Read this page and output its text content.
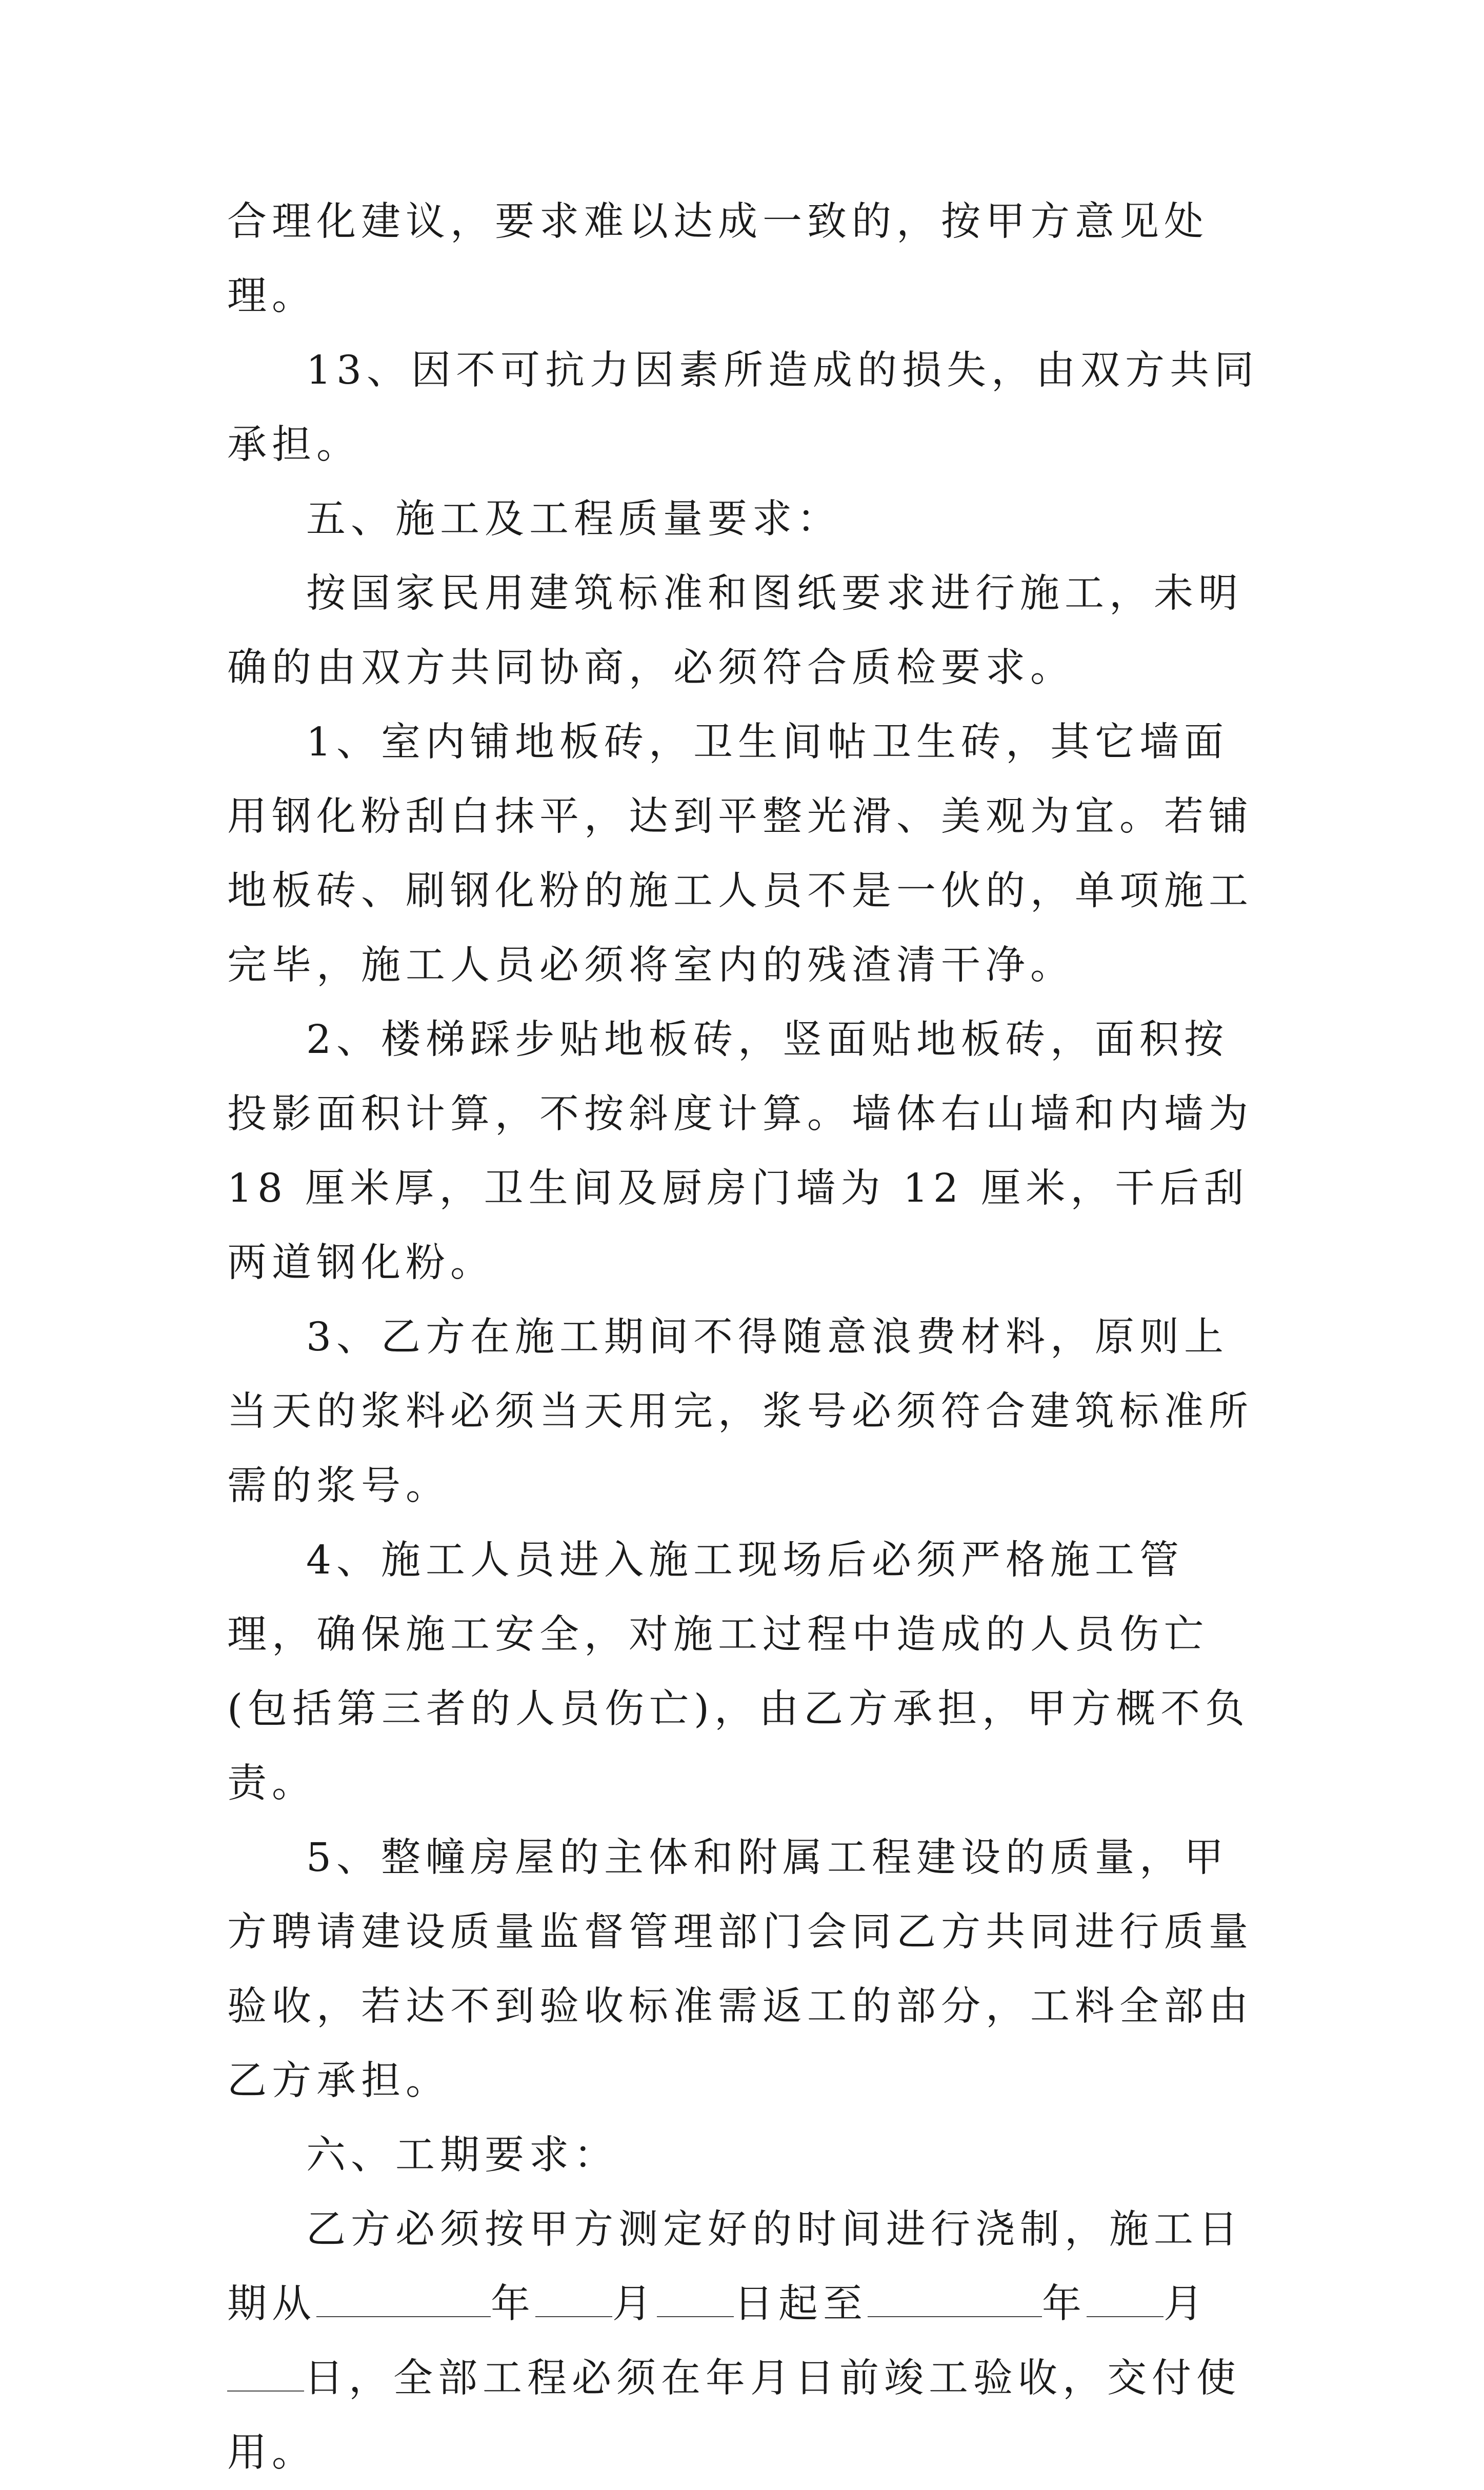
合理化建议，要求难以达成一致的，按甲方意见处理。

13、因不可抗力因素所造成的损失，由双方共同承担。

五、施工及工程质量要求：

按国家民用建筑标准和图纸要求进行施工，未明确的由双方共同协商，必须符合质检要求。

1、室内铺地板砖，卫生间帖卫生砖，其它墙面用钢化粉刮白抹平，达到平整光滑、美观为宜。若铺地板砖、刷钢化粉的施工人员不是一伙的，单项施工完毕，施工人员必须将室内的残渣清干净。

2、楼梯踩步贴地板砖，竖面贴地板砖，面积按投影面积计算，不按斜度计算。墙体右山墙和内墙为 18 厘米厚，卫生间及厨房门墙为 12 厘米，干后刮两道钢化粉。

3、乙方在施工期间不得随意浪费材料，原则上当天的浆料必须当天用完，浆号必须符合建筑标准所需的浆号。

4、施工人员进入施工现场后必须严格施工管理，确保施工安全，对施工过程中造成的人员伤亡(包括第三者的人员伤亡)，由乙方承担，甲方概不负责。

5、整幢房屋的主体和附属工程建设的质量，甲方聘请建设质量监督管理部门会同乙方共同进行质量验收，若达不到验收标准需返工的部分，工料全部由乙方承担。

六、工期要求：

乙方必须按甲方测定好的时间进行浇制，施工日期从	年 月 日起至	年 月日，全部工程必须在年月日前竣工验收，交付使用。
